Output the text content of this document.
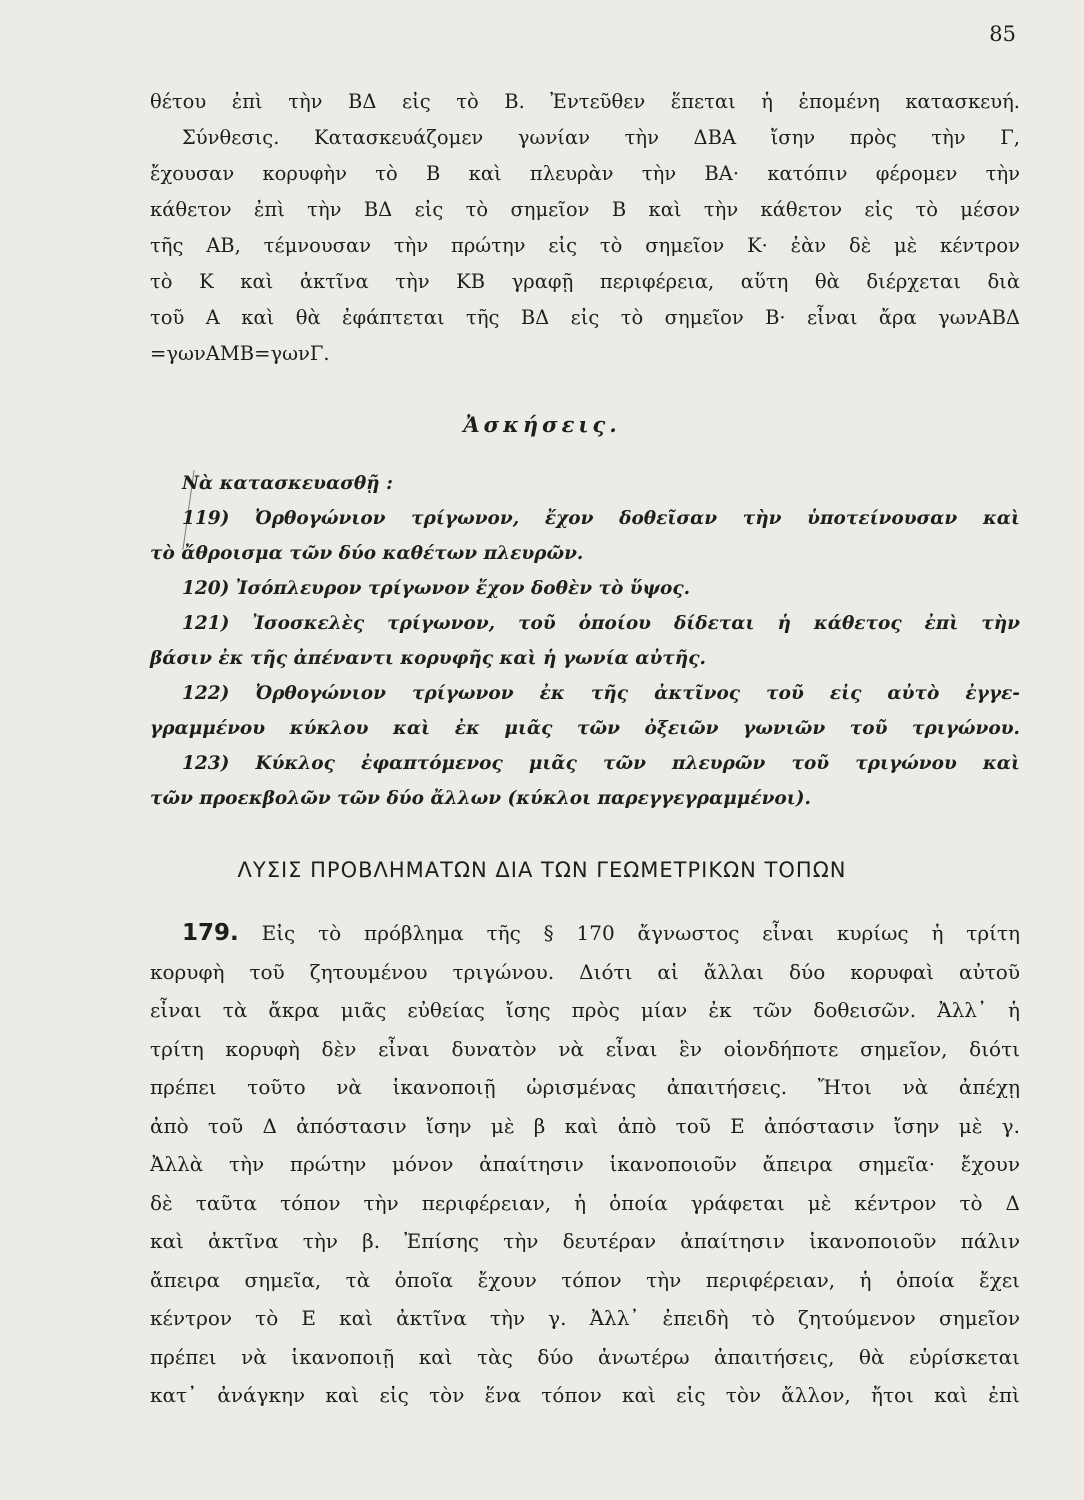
85
θέτου ἐπὶ τὴν ΒΔ εἰς τὸ Β. Ἐντεῦθεν ἕπεται ἡ ἑπομένη κατασκευή.
Σύνθεσις. Κατασκευάζομεν γωνίαν τὴν ΔΒΑ ἴσην πρὸς τὴν Γ,
ἔχουσαν κορυφὴν τὸ Β καὶ πλευρὰν τὴν ΒΑ· κατόπιν φέρομεν τὴν
κάθετον ἐπὶ τὴν ΒΔ εἰς τὸ σημεῖον Β καὶ τὴν κάθετον εἰς τὸ μέσον
τῆς ΑΒ, τέμνουσαν τὴν πρώτην εἰς τὸ σημεῖον Κ· ἐὰν δὲ μὲ κέντρον
τὸ Κ καὶ ἀκτῖνα τὴν ΚΒ γραφῇ περιφέρεια, αὕτη θὰ διέρχεται διὰ
τοῦ Α καὶ θὰ ἐφάπτεται τῆς ΒΔ εἰς τὸ σημεῖον Β· εἶναι ἄρα γωνΑΒΔ
=γωνΑΜΒ=γωνΓ.
Ἀσκήσεις.
Νὰ κατασκευασθῇ :
119) Ὀρθογώνιον τρίγωνον, ἔχον δοθεῖσαν τὴν ὑποτείνουσαν καὶ
τὸ ἄθροισμα τῶν δύο καθέτων πλευρῶν.
120) Ἰσόπλευρον τρίγωνον ἔχον δοθὲν τὸ ὕψος.
121) Ἰσοσκελὲς τρίγωνον, τοῦ ὁποίου δίδεται ἡ κάθετος ἐπὶ τὴν
βάσιν ἐκ τῆς ἀπέναντι κορυφῆς καὶ ἡ γωνία αὐτῆς.
122) Ὀρθογώνιον τρίγωνον ἐκ τῆς ἀκτῖνος τοῦ εἰς αὐτὸ ἐγγε-
γραμμένου κύκλου καὶ ἐκ μιᾶς τῶν ὀξειῶν γωνιῶν τοῦ τριγώνου.
123) Κύκλος ἐφαπτόμενος μιᾶς τῶν πλευρῶν τοῦ τριγώνου καὶ
τῶν προεκβολῶν τῶν δύο ἄλλων (κύκλοι παρεγγεγραμμένοι).
ΛΥΣΙΣ ΠΡΟΒΛΗΜΑΤΩΝ ΔΙΑ ΤΩΝ ΓΕΩΜΕΤΡΙΚΩΝ ΤΟΠΩΝ
179. Εἰς τὸ πρόβλημα τῆς § 170 ἄγνωστος εἶναι κυρίως ἡ τρίτη
κορυφὴ τοῦ ζητουμένου τριγώνου. Διότι αἱ ἄλλαι δύο κορυφαὶ αὐτοῦ
εἶναι τὰ ἄκρα μιᾶς εὐθείας ἴσης πρὸς μίαν ἐκ τῶν δοθεισῶν. Ἀλλ᾽ ἡ
τρίτη κορυφὴ δὲν εἶναι δυνατὸν νὰ εἶναι ἓν οἱονδήποτε σημεῖον, διότι
πρέπει τοῦτο νὰ ἱκανοποιῇ ὡρισμένας ἀπαιτήσεις. Ἤτοι νὰ ἀπέχῃ
ἀπὸ τοῦ Δ ἀπόστασιν ἴσην μὲ β καὶ ἀπὸ τοῦ Ε ἀπόστασιν ἴσην μὲ γ.
Ἀλλὰ τὴν πρώτην μόνον ἀπαίτησιν ἱκανοποιοῦν ἄπειρα σημεῖα· ἔχουν
δὲ ταῦτα τόπον τὴν περιφέρειαν, ἡ ὁποία γράφεται μὲ κέντρον τὸ Δ
καὶ ἀκτῖνα τὴν β. Ἐπίσης τὴν δευτέραν ἀπαίτησιν ἱκανοποιοῦν πάλιν
ἄπειρα σημεῖα, τὰ ὁποῖα ἔχουν τόπον τὴν περιφέρειαν, ἡ ὁποία ἔχει
κέντρον τὸ Ε καὶ ἀκτῖνα τὴν γ. Ἀλλ᾽ ἐπειδὴ τὸ ζητούμενον σημεῖον
πρέπει νὰ ἱκανοποιῇ καὶ τὰς δύο ἀνωτέρω ἀπαιτήσεις, θὰ εὑρίσκεται
κατ᾽ ἀνάγκην καὶ εἰς τὸν ἕνα τόπον καὶ εἰς τὸν ἄλλον, ἤτοι καὶ ἐπὶ
